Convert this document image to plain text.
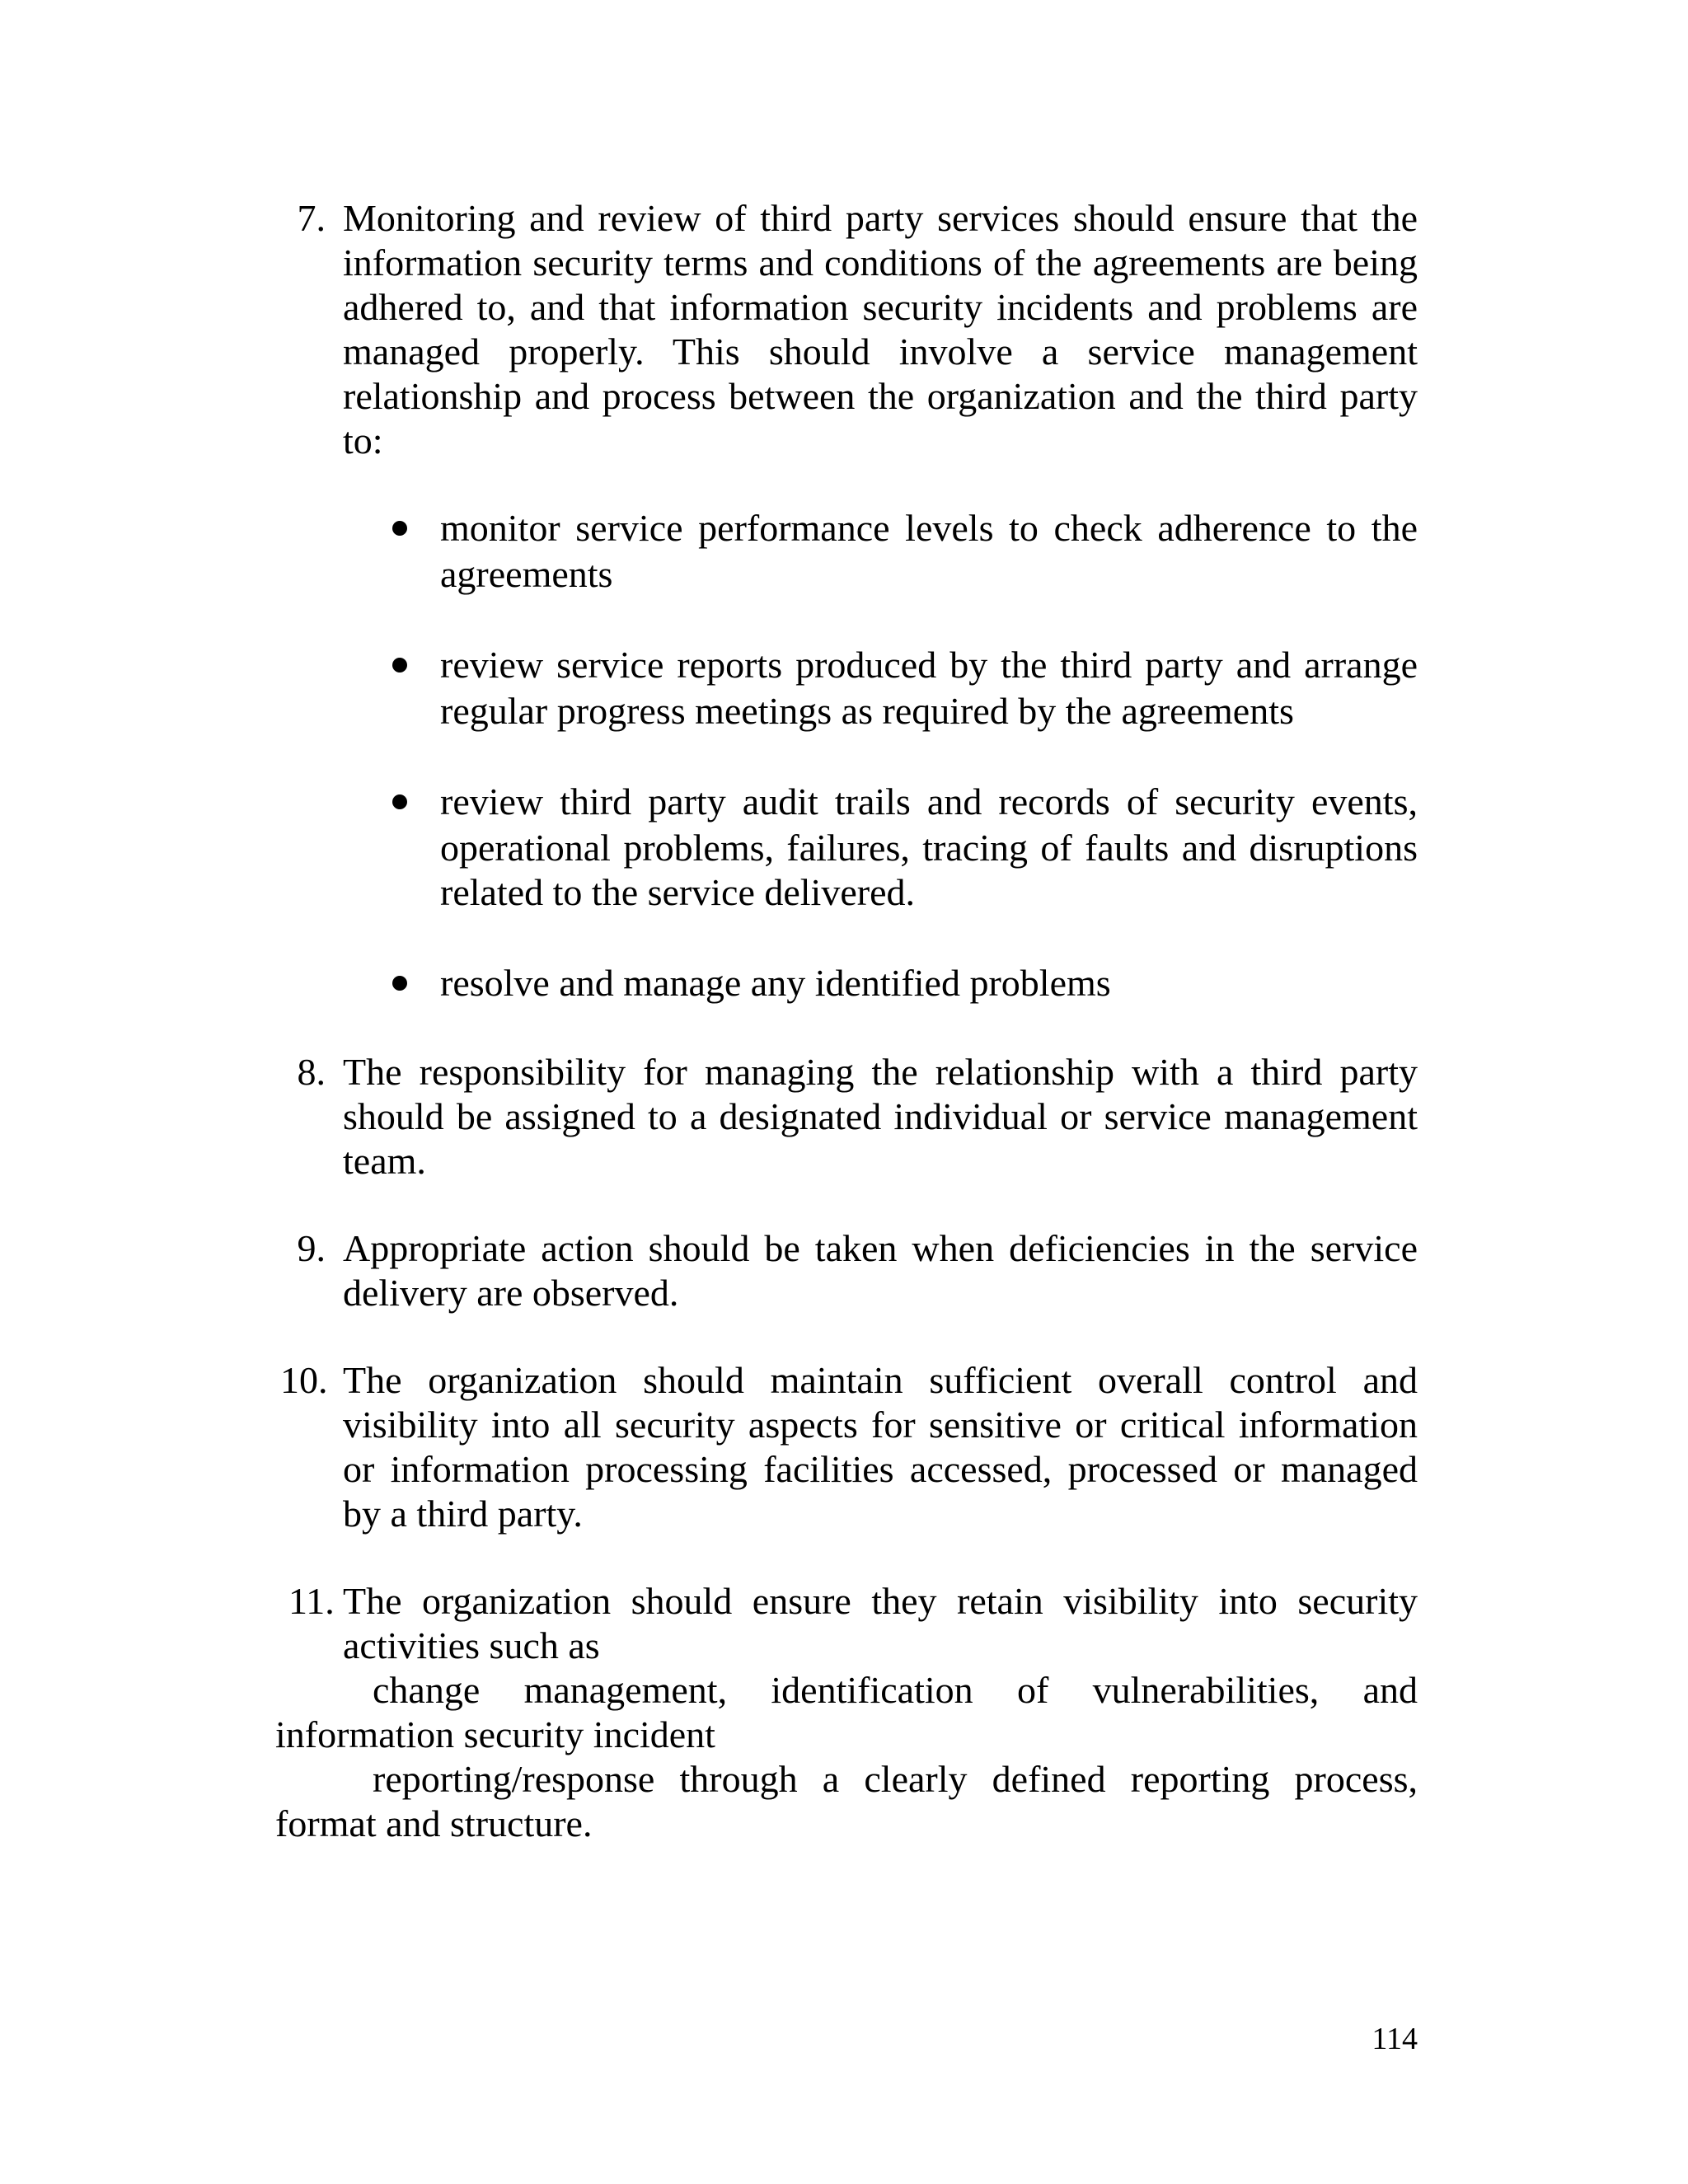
7. Monitoring and review of third party services should ensure that the

information security terms and conditions of the agreements are being

adhered to, and that information security incidents and problems are

managed properly. This should involve a service management

relationship and process between the organization and the third party

to:

monitor service performance levels to check adherence to the

agreements

review service reports produced by the third party and arrange

regular progress meetings as required by the agreements

review third party audit trails and records of security events,

operational problems, failures, tracing of faults and disruptions

related to the service delivered.

resolve and manage any identified problems

8. The responsibility for managing the relationship with a third party

should be assigned to a designated individual or service management

team.

9. Appropriate action should be taken when deficiencies in the service

delivery are observed.

10. The organization should maintain sufficient overall control and

visibility into all security aspects for sensitive or critical information

or information processing facilities accessed, processed or managed

by a third party.

11. The organization should ensure they retain visibility into security

activities such as

change management, identification of vulnerabilities, and

information security incident

reporting/response through a clearly defined reporting process,

format and structure.

114
